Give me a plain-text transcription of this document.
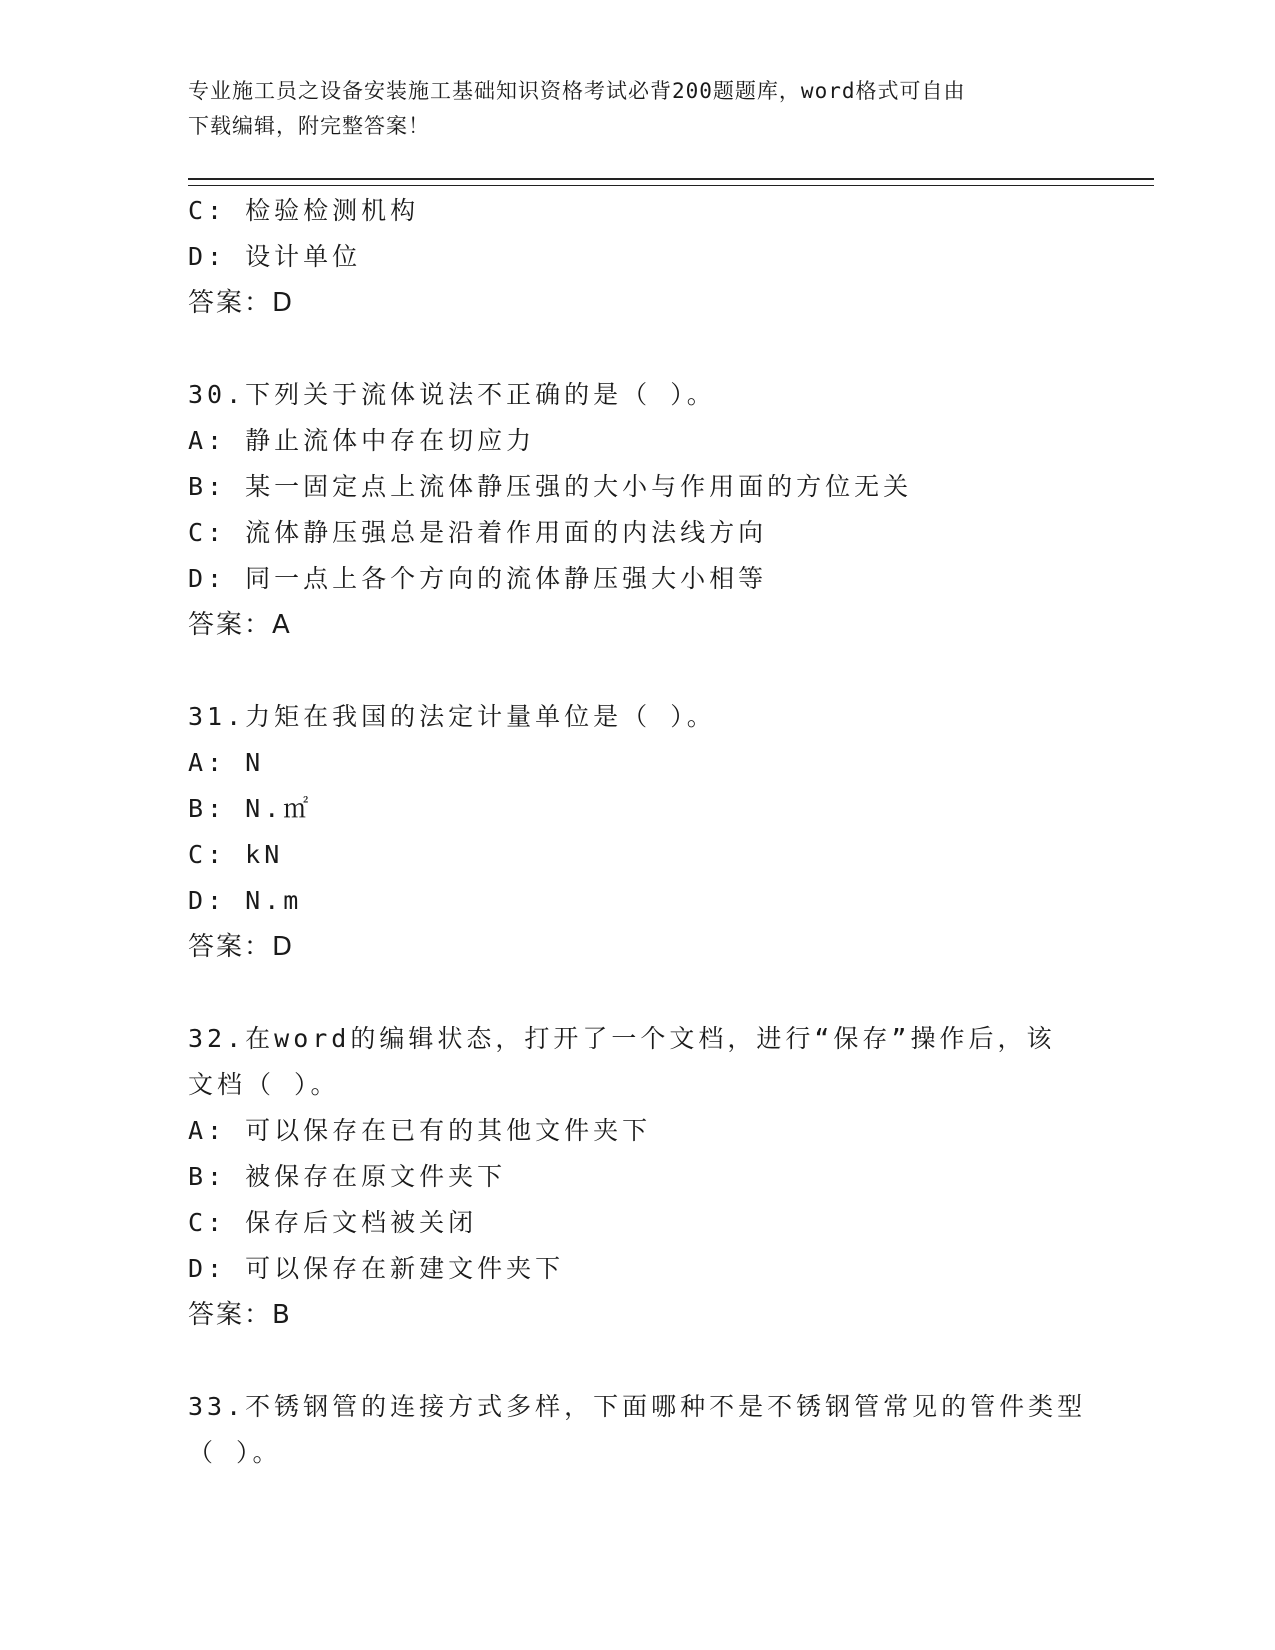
专业施工员之设备安装施工基础知识资格考试必背200题题库，word格式可自由
下载编辑，附完整答案！
C: 检验检测机构
D: 设计单位
答案：D
30.下列关于流体说法不正确的是（ ）。
A: 静止流体中存在切应力
B: 某一固定点上流体静压强的大小与作用面的方位无关
C: 流体静压强总是沿着作用面的内法线方向
D: 同一点上各个方向的流体静压强大小相等
答案：A
31.力矩在我国的法定计量单位是（ ）。
A: N
B: N.㎡
C: kN
D: N.m
答案：D
32.在word的编辑状态，打开了一个文档，进行“保存”操作后，该
文档（ ）。
A: 可以保存在已有的其他文件夹下
B: 被保存在原文件夹下
C: 保存后文档被关闭
D: 可以保存在新建文件夹下
答案：B
33.不锈钢管的连接方式多样，下面哪种不是不锈钢管常见的管件类型
（ ）。
